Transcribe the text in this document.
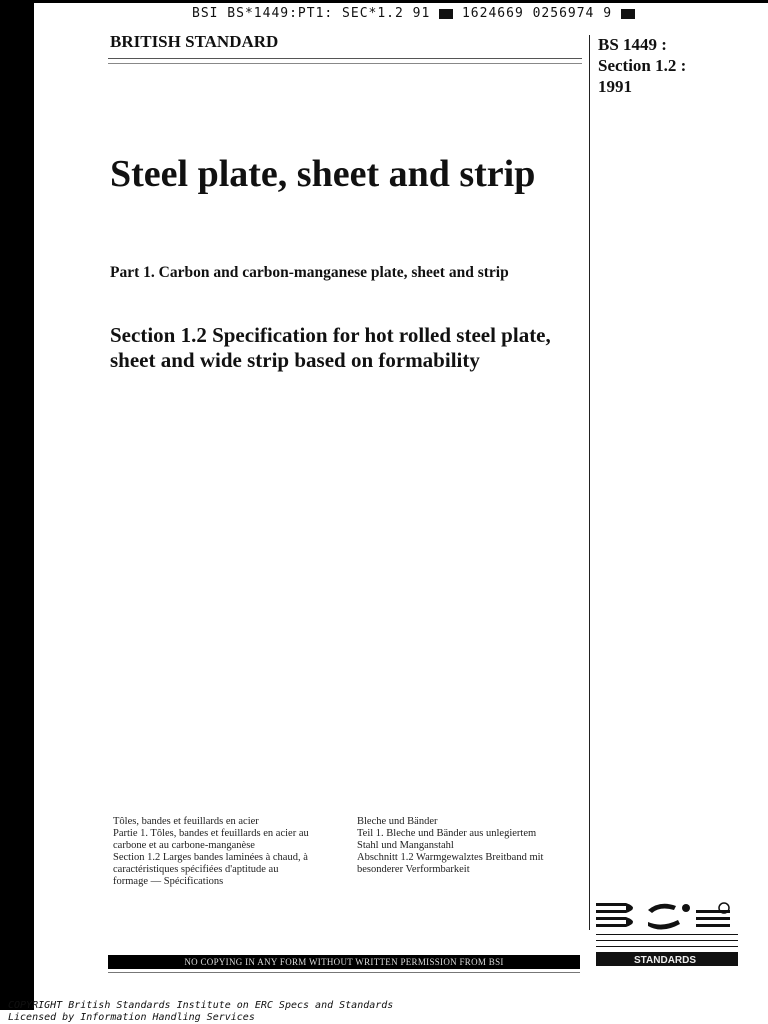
BSI BS*1449:PT1: SEC*1.2 91 1624669 0256974 9
BRITISH STANDARD	BS 1449 :
Section 1.2 :
1991
Steel plate, sheet and strip
Part 1. Carbon and carbon-manganese plate, sheet and strip
Section 1.2 Specification for hot rolled steel plate, sheet and wide strip based on formability
Tôles, bandes et feuillards en acier
Partie 1. Tôles, bandes et feuillards en acier au
carbone et au carbone-manganèse
Section 1.2 Larges bandes laminées à chaud, à
caractéristiques spécifiées d'aptitude au
formage — Spécifications
Bleche und Bänder
Teil 1. Bleche und Bänder aus unlegiertem
Stahl und Manganstahl
Abschnitt 1.2 Warmgewalztes Breitband mit
besonderer Verformbarkeit
NO COPYING IN ANY FORM WITHOUT WRITTEN PERMISSION FROM BSI	STANDARDS
COPYRIGHT British Standards Institute on ERC Specs and Standards
Licensed by Information Handling Services
